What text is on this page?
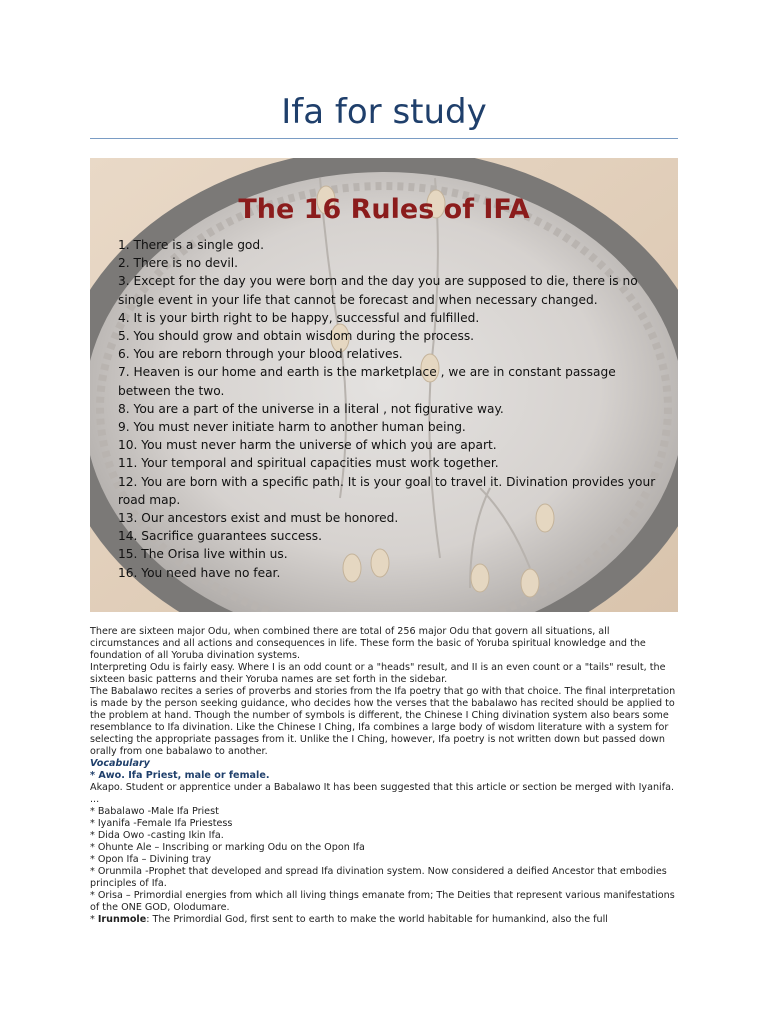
Ifa for study
The 16 Rules of IFA
1. There is a single god.
2. There is no devil.
3. Except for the day you were born and the day you are supposed to die, there is no single event in your life that cannot be forecast and when necessary changed.
4. It is your birth right to be happy, successful and fulfilled.
5. You should grow and obtain wisdom during the process.
6. You are reborn through your blood relatives.
7. Heaven is our home and earth is the marketplace , we are in constant passage between the two.
8. You are a part of the universe in a literal , not figurative way.
9. You must never initiate harm to another human being.
10. You must never harm the universe of which you are apart.
11. Your temporal and spiritual capacities must work together.
12. You are born with a specific path. It is your goal to travel it. Divination provides your road map.
13. Our ancestors exist and must be honored.
14. Sacrifice guarantees success.
15. The Orisa live within us.
16. You need have no fear.

There are sixteen major Odu, when combined there are total of 256 major Odu that govern all situations, all circumstances and all actions and consequences in life. These form the basic of Yoruba spiritual knowledge and the foundation of all Yoruba divination systems.

Interpreting Odu is fairly easy. Where I is an odd count or a "heads" result, and II is an even count or a "tails" result, the sixteen basic patterns and their Yoruba names are set forth in the sidebar.

The Babalawo recites a series of proverbs and stories from the Ifa poetry that go with that choice. The final interpretation is made by the person seeking guidance, who decides how the verses that the babalawo has recited should be applied to the problem at hand. Though the number of symbols is different, the Chinese I Ching divination system also bears some resemblance to Ifa divination. Like the Chinese I Ching, Ifa combines a large body of wisdom literature with a system for selecting the appropriate passages from it. Unlike the I Ching, however, Ifa poetry is not written down but passed down orally from one babalawo to another.

Vocabulary

* Awo. Ifa Priest, male or female.

Akapo. Student or apprentice under a Babalawo It has been suggested that this article or section be merged with Iyanifa. ...

* Babalawo -Male Ifa Priest

* Iyanifa -Female Ifa Priestess

* Dida Owo -casting Ikin Ifa.

* Ohunte Ale – Inscribing or marking Odu on the Opon Ifa

* Opon Ifa – Divining tray

* Orunmila -Prophet that developed and spread Ifa divination system. Now considered a deified Ancestor that embodies principles of Ifa.

* Orisa – Primordial energies from which all living things emanate from; The Deities that represent various manifestations of the ONE GOD, Olodumare.

* Irunmole: The Primordial God, first sent to earth to make the world habitable for humankind, also the full
